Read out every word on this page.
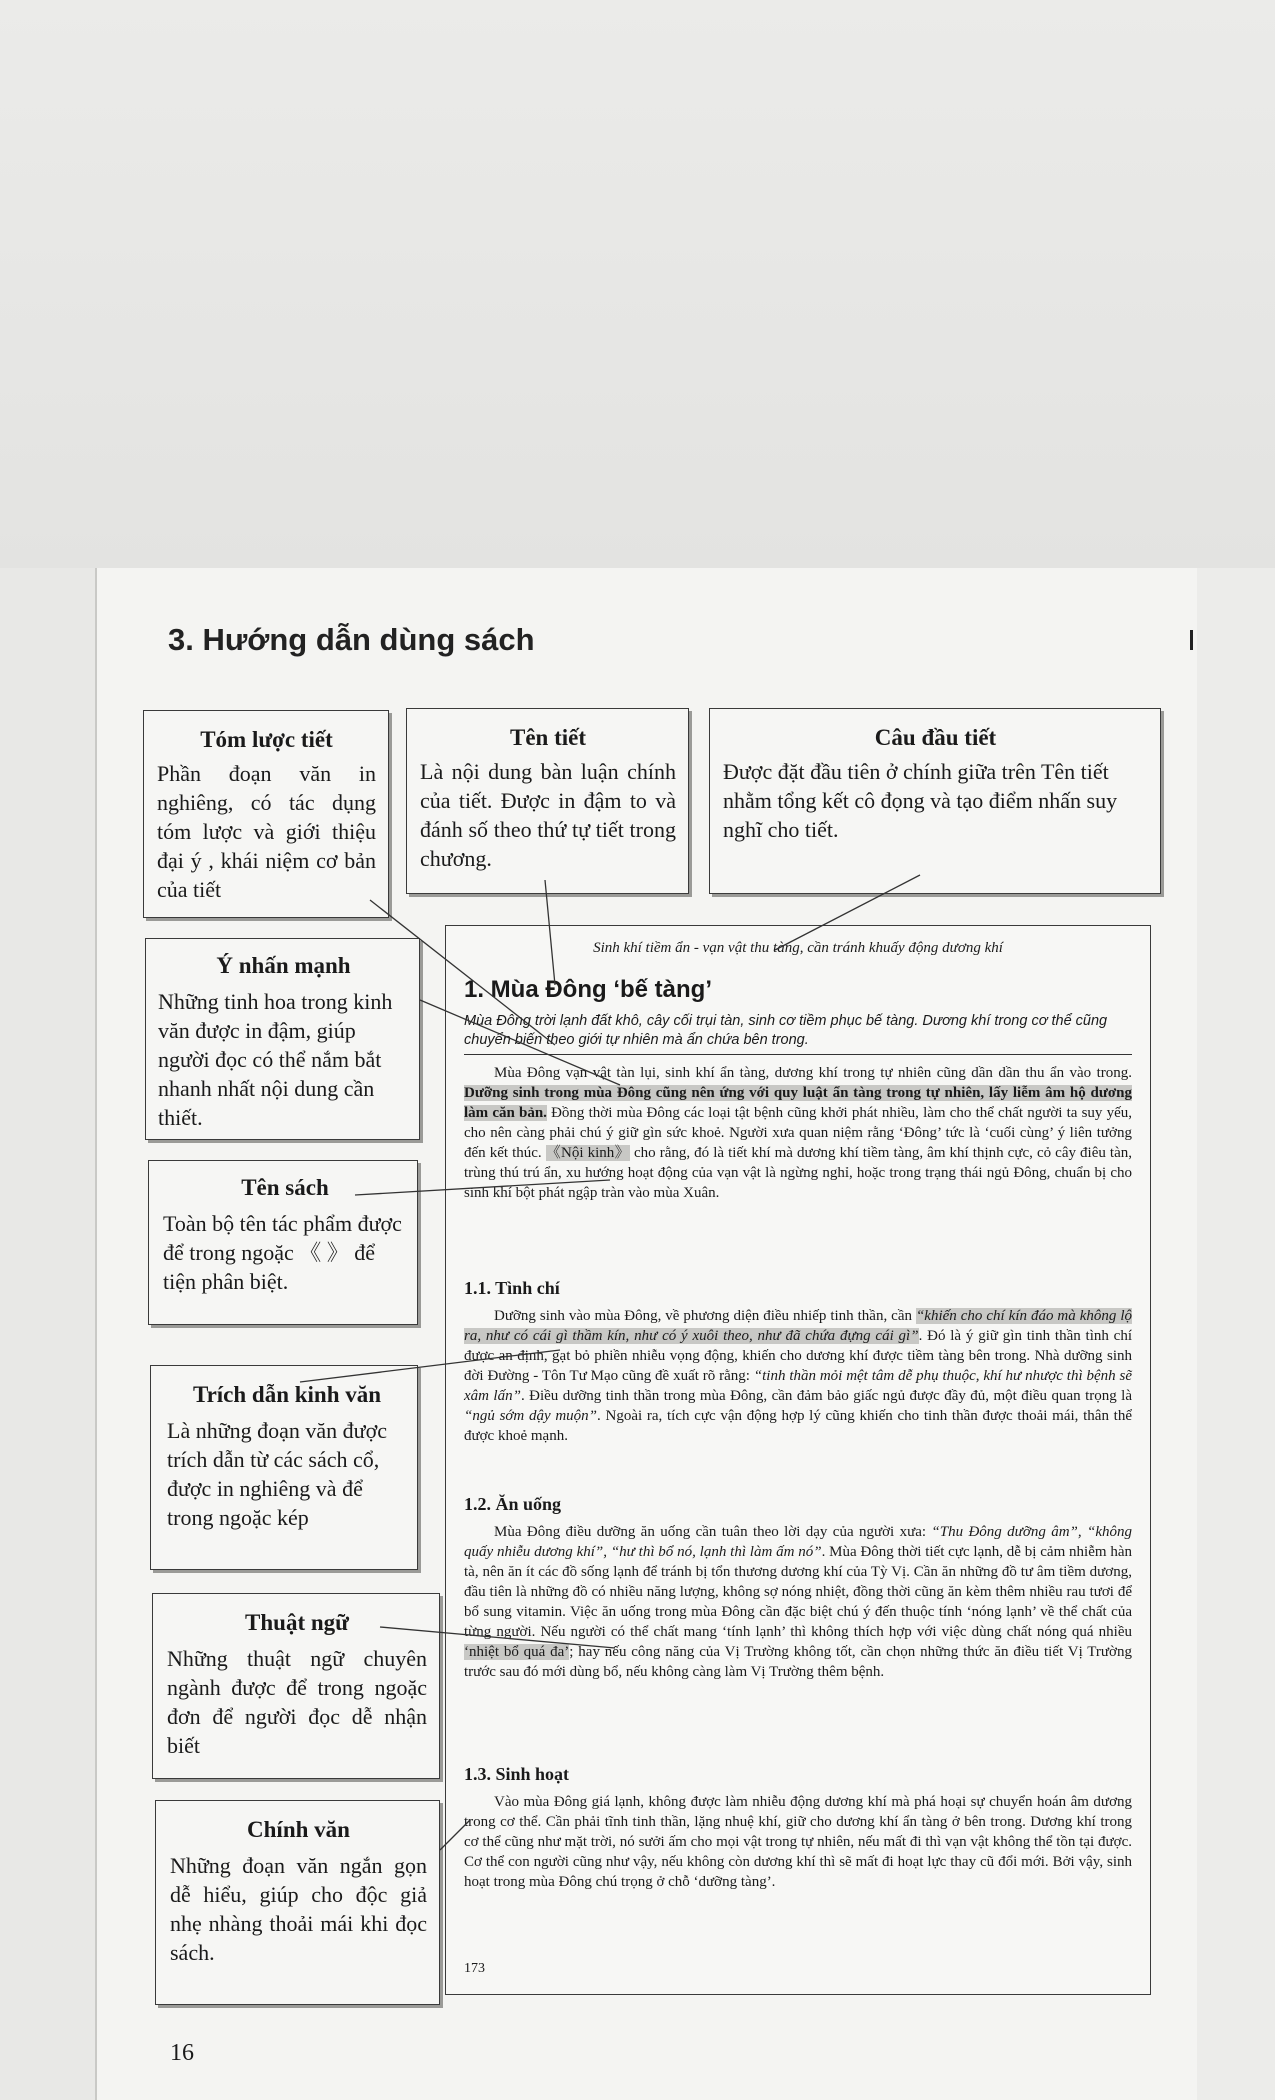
3. Hướng dẫn dùng sách
Tóm lược tiết

Phần đoạn văn in nghiêng, có tác dụng tóm lược và giới thiệu đại ý , khái niệm cơ bản của tiết

Tên tiết

Là nội dung bàn luận chính của tiết. Được in đậm to và đánh số theo thứ tự tiết trong chương.

Câu đầu tiết

Được đặt đầu tiên ở chính giữa trên Tên tiết nhằm tổng kết cô đọng và tạo điểm nhấn suy nghĩ cho tiết.

Ý nhấn mạnh

Những tinh hoa trong kinh văn được in đậm, giúp người đọc có thể nắm bắt nhanh nhất nội dung cần thiết.

Tên sách

Toàn bộ tên tác phẩm được để trong ngoặc 《 》 để tiện phân biệt.

Trích dẫn kinh văn

Là những đoạn văn được trích dẫn từ các sách cổ, được in nghiêng và để trong ngoặc kép

Thuật ngữ

Những thuật ngữ chuyên ngành được để trong ngoặc đơn để người đọc dễ nhận biết

Chính văn

Những đoạn văn ngắn gọn dễ hiểu, giúp cho độc giả nhẹ nhàng thoải mái khi đọc sách.

Sinh khí tiềm ẩn - vạn vật thu tàng, cần tránh khuấy động dương khí
1. Mùa Đông ‘bế tàng’
Mùa Đông trời lạnh đất khô, cây cối trụi tàn, sinh cơ tiềm phục bế tàng. Dương khí trong cơ thể cũng chuyển biến theo giới tự nhiên mà ẩn chứa bên trong.
Mùa Đông vạn vật tàn lụi, sinh khí ẩn tàng, dương khí trong tự nhiên cũng dần dần thu ẩn vào trong. Dưỡng sinh trong mùa Đông cũng nên ứng với quy luật ẩn tàng trong tự nhiên, lấy liễm âm hộ dương làm căn bản. Đồng thời mùa Đông các loại tật bệnh cũng khởi phát nhiều, làm cho thể chất người ta suy yếu, cho nên càng phải chú ý giữ gìn sức khoẻ. Người xưa quan niệm rằng ‘Đông’ tức là ‘cuối cùng’ ý liên tưởng đến kết thúc. 《Nội kinh》 cho rằng, đó là tiết khí mà dương khí tiềm tàng, âm khí thịnh cực, cỏ cây điêu tàn, trùng thú trú ẩn, xu hướng hoạt động của vạn vật là ngừng nghỉ, hoặc trong trạng thái ngủ Đông, chuẩn bị cho sinh khí bột phát ngập tràn vào mùa Xuân.
1.1. Tình chí
Dưỡng sinh vào mùa Đông, về phương diện điều nhiếp tinh thần, cần “khiến cho chí kín đáo mà không lộ ra, như có cái gì thầm kín, như có ý xuôi theo, như đã chứa đựng cái gì”. Đó là ý giữ gìn tinh thần tình chí được an định, gạt bỏ phiền nhiễu vọng động, khiến cho dương khí được tiềm tàng bên trong. Nhà dưỡng sinh đời Đường - Tôn Tư Mạo cũng đề xuất rõ rằng: “tinh thần mỏi mệt tâm dễ phụ thuộc, khí hư nhược thì bệnh sẽ xâm lấn”. Điều dưỡng tinh thần trong mùa Đông, cần đảm bảo giấc ngủ được đầy đủ, một điều quan trọng là “ngủ sớm dậy muộn”. Ngoài ra, tích cực vận động hợp lý cũng khiến cho tinh thần được thoải mái, thân thể được khoẻ mạnh.
1.2. Ăn uống
Mùa Đông điều dưỡng ăn uống cần tuân theo lời dạy của người xưa: “Thu Đông dưỡng âm”, “không quấy nhiễu dương khí”, “hư thì bổ nó, lạnh thì làm ấm nó”. Mùa Đông thời tiết cực lạnh, dễ bị cảm nhiễm hàn tà, nên ăn ít các đồ sống lạnh để tránh bị tổn thương dương khí của Tỳ Vị. Cần ăn những đồ tư âm tiềm dương, đầu tiên là những đồ có nhiều năng lượng, không sợ nóng nhiệt, đồng thời cũng ăn kèm thêm nhiều rau tươi để bổ sung vitamin. Việc ăn uống trong mùa Đông cần đặc biệt chú ý đến thuộc tính ‘nóng lạnh’ về thể chất của từng người. Nếu người có thể chất mang ‘tính lạnh’ thì không thích hợp với việc dùng chất nóng quá nhiều ‘nhiệt bổ quá đa’; hay nếu công năng của Vị Trường không tốt, cần chọn những thức ăn điều tiết Vị Trường trước sau đó mới dùng bổ, nếu không càng làm Vị Trường thêm bệnh.
1.3. Sinh hoạt
Vào mùa Đông giá lạnh, không được làm nhiễu động dương khí mà phá hoại sự chuyển hoán âm dương trong cơ thể. Cần phải tĩnh tinh thần, lặng nhuệ khí, giữ cho dương khí ẩn tàng ở bên trong. Dương khí trong cơ thể cũng như mặt trời, nó sưởi ấm cho mọi vật trong tự nhiên, nếu mất đi thì vạn vật không thể tồn tại được. Cơ thể con người cũng như vậy, nếu không còn dương khí thì sẽ mất đi hoạt lực thay cũ đổi mới. Bởi vậy, sinh hoạt trong mùa Đông chú trọng ở chỗ ‘dưỡng tàng’.
173
16
